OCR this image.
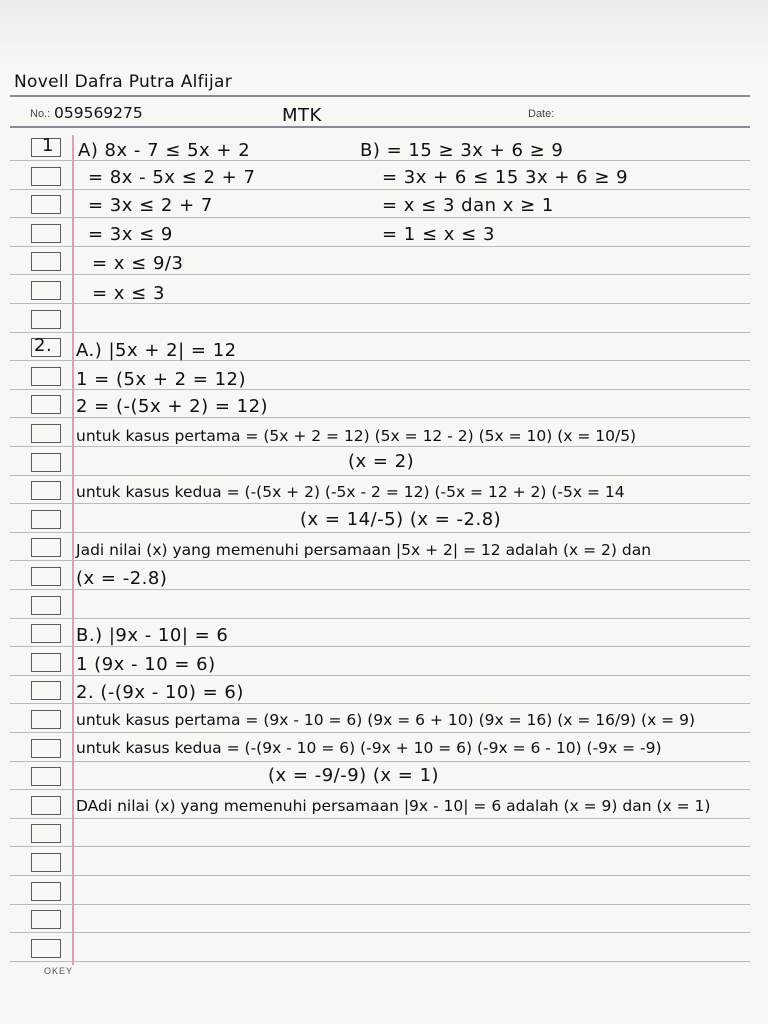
Novell Dafra Putra Alfijar
No.: 059569275	MTK	Date:
1 A) 8x - 7 ≤ 5x + 2	B) = 15 ≥ 3x + 6 ≥ 9
= 8x - 5x ≤ 2 + 7	= 3x + 6 ≤ 15 3x + 6 ≥ 9
= 3x ≤ 2 + 7	= x ≤ 3 dan x ≥ 1
= 3x ≤ 9	= 1 ≤ x ≤ 3
= x ≤ 9/3
= x ≤ 3
2. A.) |5x + 2| = 12
1 = (5x + 2 = 12)
2 = (-(5x + 2) = 12)
untuk kasus pertama = (5x + 2 = 12) (5x = 12 - 2) (5x = 10) (x = 10/5)
(x = 2)
untuk kasus kedua = (-(5x + 2) (-5x - 2 = 12) (-5x = 12 + 2) (-5x = 14
(x = 14/-5) (x = -2.8)
Jadi nilai (x) yang memenuhi persamaan |5x + 2| = 12 adalah (x = 2) dan
(x = -2.8)
B.) |9x - 10| = 6
1 (9x - 10 = 6)
2. (-(9x - 10) = 6)
untuk kasus pertama = (9x - 10 = 6) (9x = 6 + 10) (9x = 16) (x = 16/9) (x = 9)
untuk kasus kedua = (-(9x - 10 = 6) (-9x + 10 = 6) (-9x = 6 - 10) (-9x = -9)
(x = -9/-9) (x = 1)
DAdi nilai (x) yang memenuhi persamaan |9x - 10| = 6 adalah (x = 9) dan (x = 1)
OKEY
